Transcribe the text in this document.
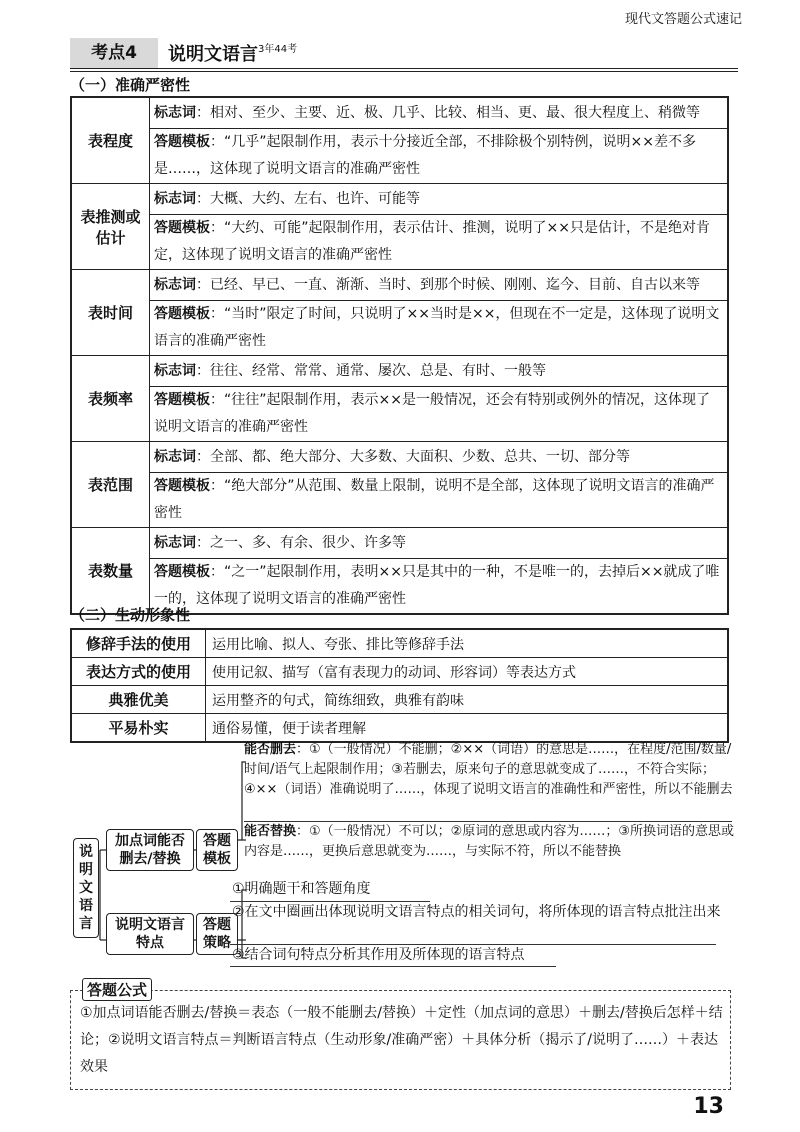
现代文答题公式速记
考点4	说明文语言$^{3年44考}$
（一）准确严密性
表程度	标志词：相对、至少、主要、近、极、几乎、比较、相当、更、最、很大程度上、稍微等
	答题模板：“几乎”起限制作用，表示十分接近全部，不排除极个别特例，说明××差不多是……，这体现了说明文语言的准确严密性
表推测或估计	标志词：大概、大约、左右、也许、可能等
	答题模板：“大约、可能”起限制作用，表示估计、推测，说明了××只是估计，不是绝对肯定，这体现了说明文语言的准确严密性
表时间	标志词：已经、早已、一直、渐渐、当时、到那个时候、刚刚、迄今、目前、自古以来等
	答题模板：“当时”限定了时间，只说明了××当时是××，但现在不一定是，这体现了说明文语言的准确严密性
表频率	标志词：往往、经常、常常、通常、屡次、总是、有时、一般等
	答题模板：“往往”起限制作用，表示××是一般情况，还会有特别或例外的情况，这体现了说明文语言的准确严密性
表范围	标志词：全部、都、绝大部分、大多数、大面积、少数、总共、一切、部分等
	答题模板：“绝大部分”从范围、数量上限制，说明不是全部，这体现了说明文语言的准确严密性
表数量	标志词：之一、多、有余、很少、许多等
	答题模板：“之一”起限制作用，表明××只是其中的一种，不是唯一的，去掉后××就成了唯一的，这体现了说明文语言的准确严密性
（二）生动形象性
修辞手法的使用	运用比喻、拟人、夸张、排比等修辞手法
表达方式的使用	使用记叙、描写（富有表现力的动词、形容词）等表达方式
典雅优美	运用整齐的句式，简练细致，典雅有韵味
平易朴实	通俗易懂，便于读者理解
能否删去：①（一般情况）不能删；②××（词语）的意思是……，在程度/范围/数量/时间/语气上起限制作用；③若删去，原来句子的意思就变成了……，不符合实际；④××（词语）准确说明了……，体现了说明文语言的准确性和严密性，所以不能删去
能否替换：①（一般情况）不可以；②原词的意思或内容为……；③所换词语的意思或内容是……，更换后意思就变为……，与实际不符，所以不能替换
说明文语言
加点词能否删去/替换
答题模板
说明文语言特点
答题策略
①明确题干和答题角度
②在文中圈画出体现说明文语言特点的相关词句，将所体现的语言特点批注出来
③结合词句特点分析其作用及所体现的语言特点
答题公式
①加点词语能否删去/替换＝表态（一般不能删去/替换）＋定性（加点词的意思）＋删去/替换后怎样＋结论；②说明文语言特点＝判断语言特点（生动形象/准确严密）＋具体分析（揭示了/说明了……）＋表达效果
13
